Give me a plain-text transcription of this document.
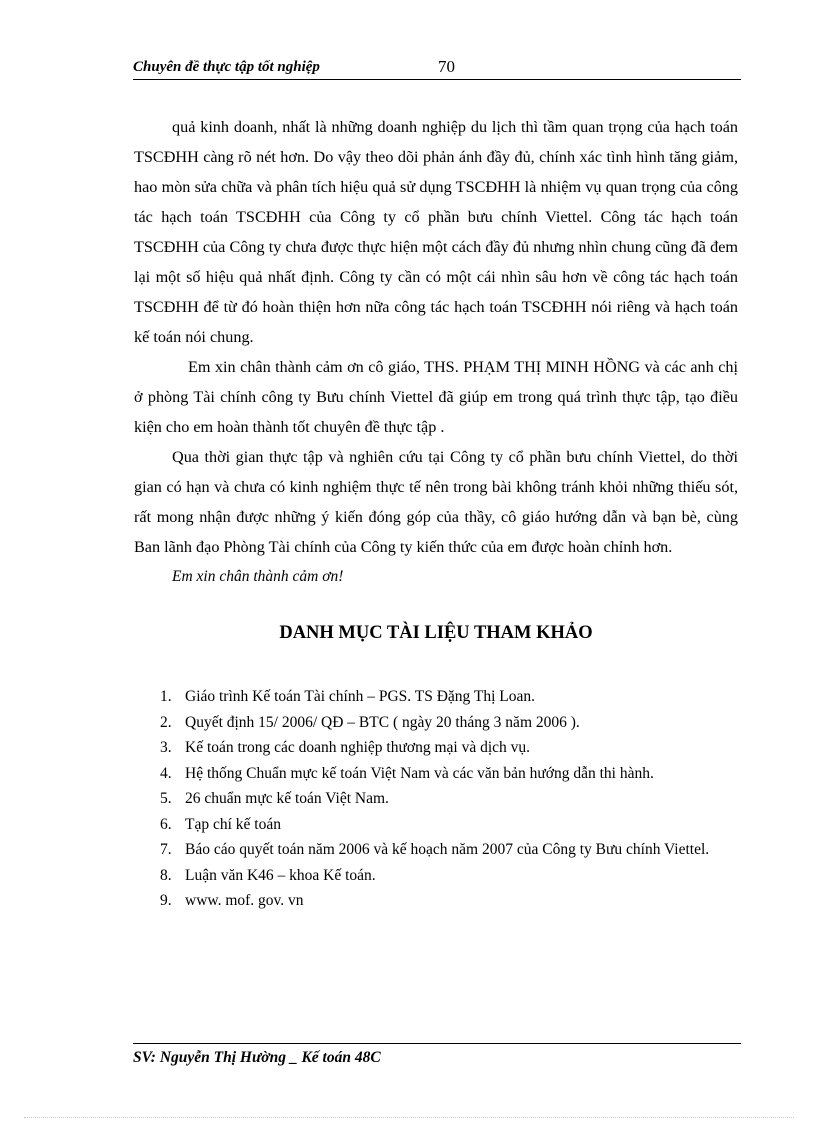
Chuyên đề thực tập tốt nghiệp	70

quả kinh doanh, nhất là những doanh nghiệp du lịch thì tầm quan trọng của hạch toán TSCĐHH càng rõ nét hơn. Do vậy theo dõi phản ánh đầy đủ, chính xác tình hình tăng giảm, hao mòn sửa chữa và phân tích hiệu quả sử dụng TSCĐHH là nhiệm vụ quan trọng của công tác hạch toán TSCĐHH của Công ty cổ phần bưu chính Viettel. Công tác hạch toán TSCĐHH của Công ty chưa được thực hiện một cách đầy đủ nhưng nhìn chung cũng đã đem lại một số hiệu quả nhất định. Công ty cần có một cái nhìn sâu hơn về công tác hạch toán TSCĐHH để từ đó hoàn thiện hơn nữa công tác hạch toán TSCĐHH nói riêng và hạch toán kế toán nói chung.

Em xin chân thành cảm ơn cô giáo, THS. PHẠM THỊ MINH HỒNG và các anh chị ở phòng Tài chính công ty Bưu chính Viettel đã giúp em trong quá trình thực tập, tạo điều kiện cho em hoàn thành tốt chuyên đề thực tập .

Qua thời gian thực tập và nghiên cứu tại Công ty cổ phần bưu chính Viettel, do thời gian có hạn và chưa có kinh nghiệm thực tế nên trong bài không tránh khỏi những thiếu sót, rất mong nhận được những ý kiến đóng góp của thầy, cô giáo hướng dẫn và bạn bè, cùng Ban lãnh đạo Phòng Tài chính của Công ty kiến thức của em được hoàn chỉnh hơn.

Em xin chân thành cảm ơn!

DANH MỤC TÀI LIỆU THAM KHẢO
1. Giáo trình Kế toán Tài chính – PGS. TS Đặng Thị Loan.
2. Quyết định 15/ 2006/ QĐ – BTC ( ngày 20 tháng 3 năm 2006 ).
3. Kế toán trong các doanh nghiệp thương mại và dịch vụ.
4. Hệ thống Chuẩn mực kế toán Việt Nam và các văn bản hướng dẫn thi hành.
5. 26 chuẩn mực kế toán Việt Nam.
6. Tạp chí kế toán
7. Báo cáo quyết toán năm 2006 và kế hoạch năm 2007 của Công ty Bưu chính Viettel.
8. Luận văn K46 – khoa Kế toán.
9. www. mof. gov. vn
SV: Nguyễn Thị Hường _ Kế toán 48C
